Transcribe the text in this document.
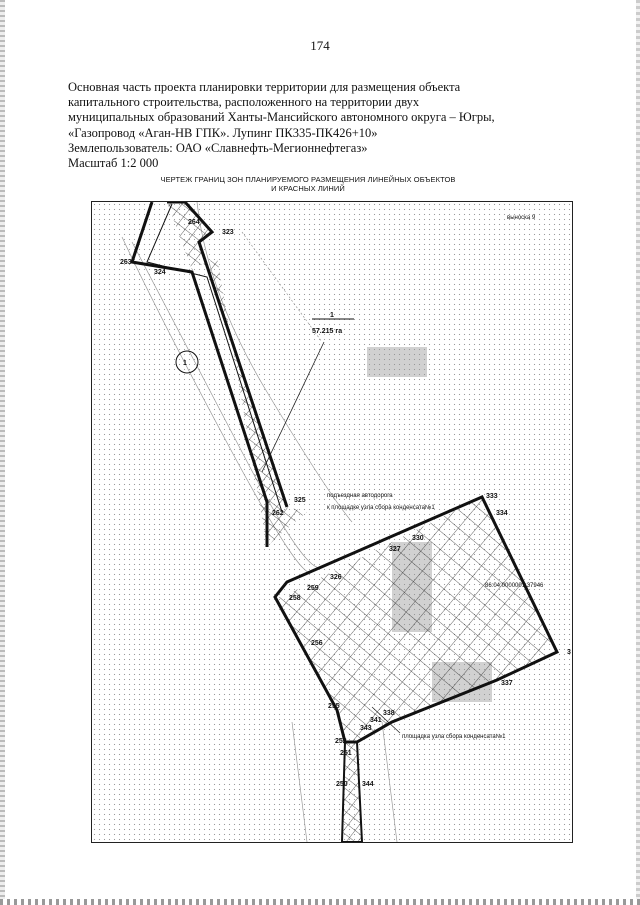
174
Основная часть проекта планировки территории для размещения объекта
капитального строительства, расположенного на территории двух
муниципальных образований Ханты-Мансийского автономного округа – Югры,
«Газопровод «Аган-НВ ГПК». Лупинг ПК335-ПК426+10»
Землепользователь: ОАО «Славнефть-Мегионнефтегаз»
Масштаб 1:2 000
ЧЕРТЕЖ ГРАНИЦ ЗОН ПЛАНИРУЕМОГО РАЗМЕЩЕНИЯ ЛИНЕЙНЫХ ОБЪЕКТОВ
И КРАСНЫХ ЛИНИЙ
1
1
57.215 га
выноска 9
86:04:0000001:37946
подъездная автодорога
к площадке узла сбора конденсата№1
площадка узла сбора конденсата№1
3
264
323
263
324
325
262
333
334
327
330
326
259
258
256
337
255
338
341
343
252
251
250 344
